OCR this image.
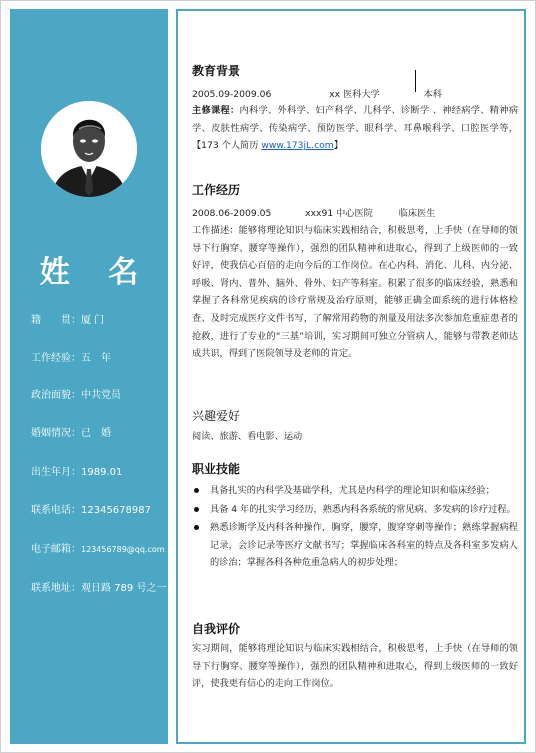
姓 名
籍　　贯：厦 门
工作经验：五　年
政治面貌：中共党员
婚姻情况：已　婚
出生年月：1989.01
联系电话：12345678987
电子邮箱：123456789@qq.com
联系地址：观日路 789 号之一
教育背景
2005.09-2009.06	xx 医科大学	本科
主修课程：内科学、外科学、妇产科学、儿科学、诊断学 、神经病学、精神病学、皮肤性病学、传染病学、预防医学、眼科学、耳鼻喉科学、口腔医学等，【173 个人简历 www.173jL.com】
工作经历
2008.06-2009.05	xxx91 中心医院	临床医生
工作描述：能够将理论知识与临床实践相结合，积极思考，上手快（在导师的领导下行胸穿、腰穿等操作），强烈的团队精神和进取心，得到了上级医师的一致好评，使我信心百倍的走向今后的工作岗位。在心内科、消化、儿科、内分泌、呼吸、肾内、普外、脑外、骨外、妇产等科室。积累了很多的临床经验，熟悉和掌握了各科常见疾病的诊疗常规及治疗原则，能够正确全面系统的进行体格检查、及时完成医疗文件书写，了解常用药物的剂量及用法多次参加危重症患者的抢救，进行了专业的“三基”培训，实习期间可独立分管病人，能够与带教老师达成共识，得到了医院领导及老师的肯定。
兴趣爱好
阅读、旅游、看电影、运动
职业技能
具备扎实的内科学及基础学科，尤其是内科学的理论知识和临床经验；
具备 4 年的扎实学习经历，熟悉内科各系统的常见病、多发病的诊疗过程。
熟悉诊断学及内科各种操作，胸穿，腰穿，腹穿穿刺等操作；熟练掌握病程记录，会诊记录等医疗文献书写；掌握临床各科室的特点及各科室多发病人的诊治；掌握各科各种危重急病人的初步处理；
自我评价
实习期间，能够将理论知识与临床实践相结合，积极思考，上手快（在导师的领导下行胸穿、腰穿等操作），强烈的团队精神和进取心，得到上级医师的一致好评，使我更有信心的走向工作岗位。
